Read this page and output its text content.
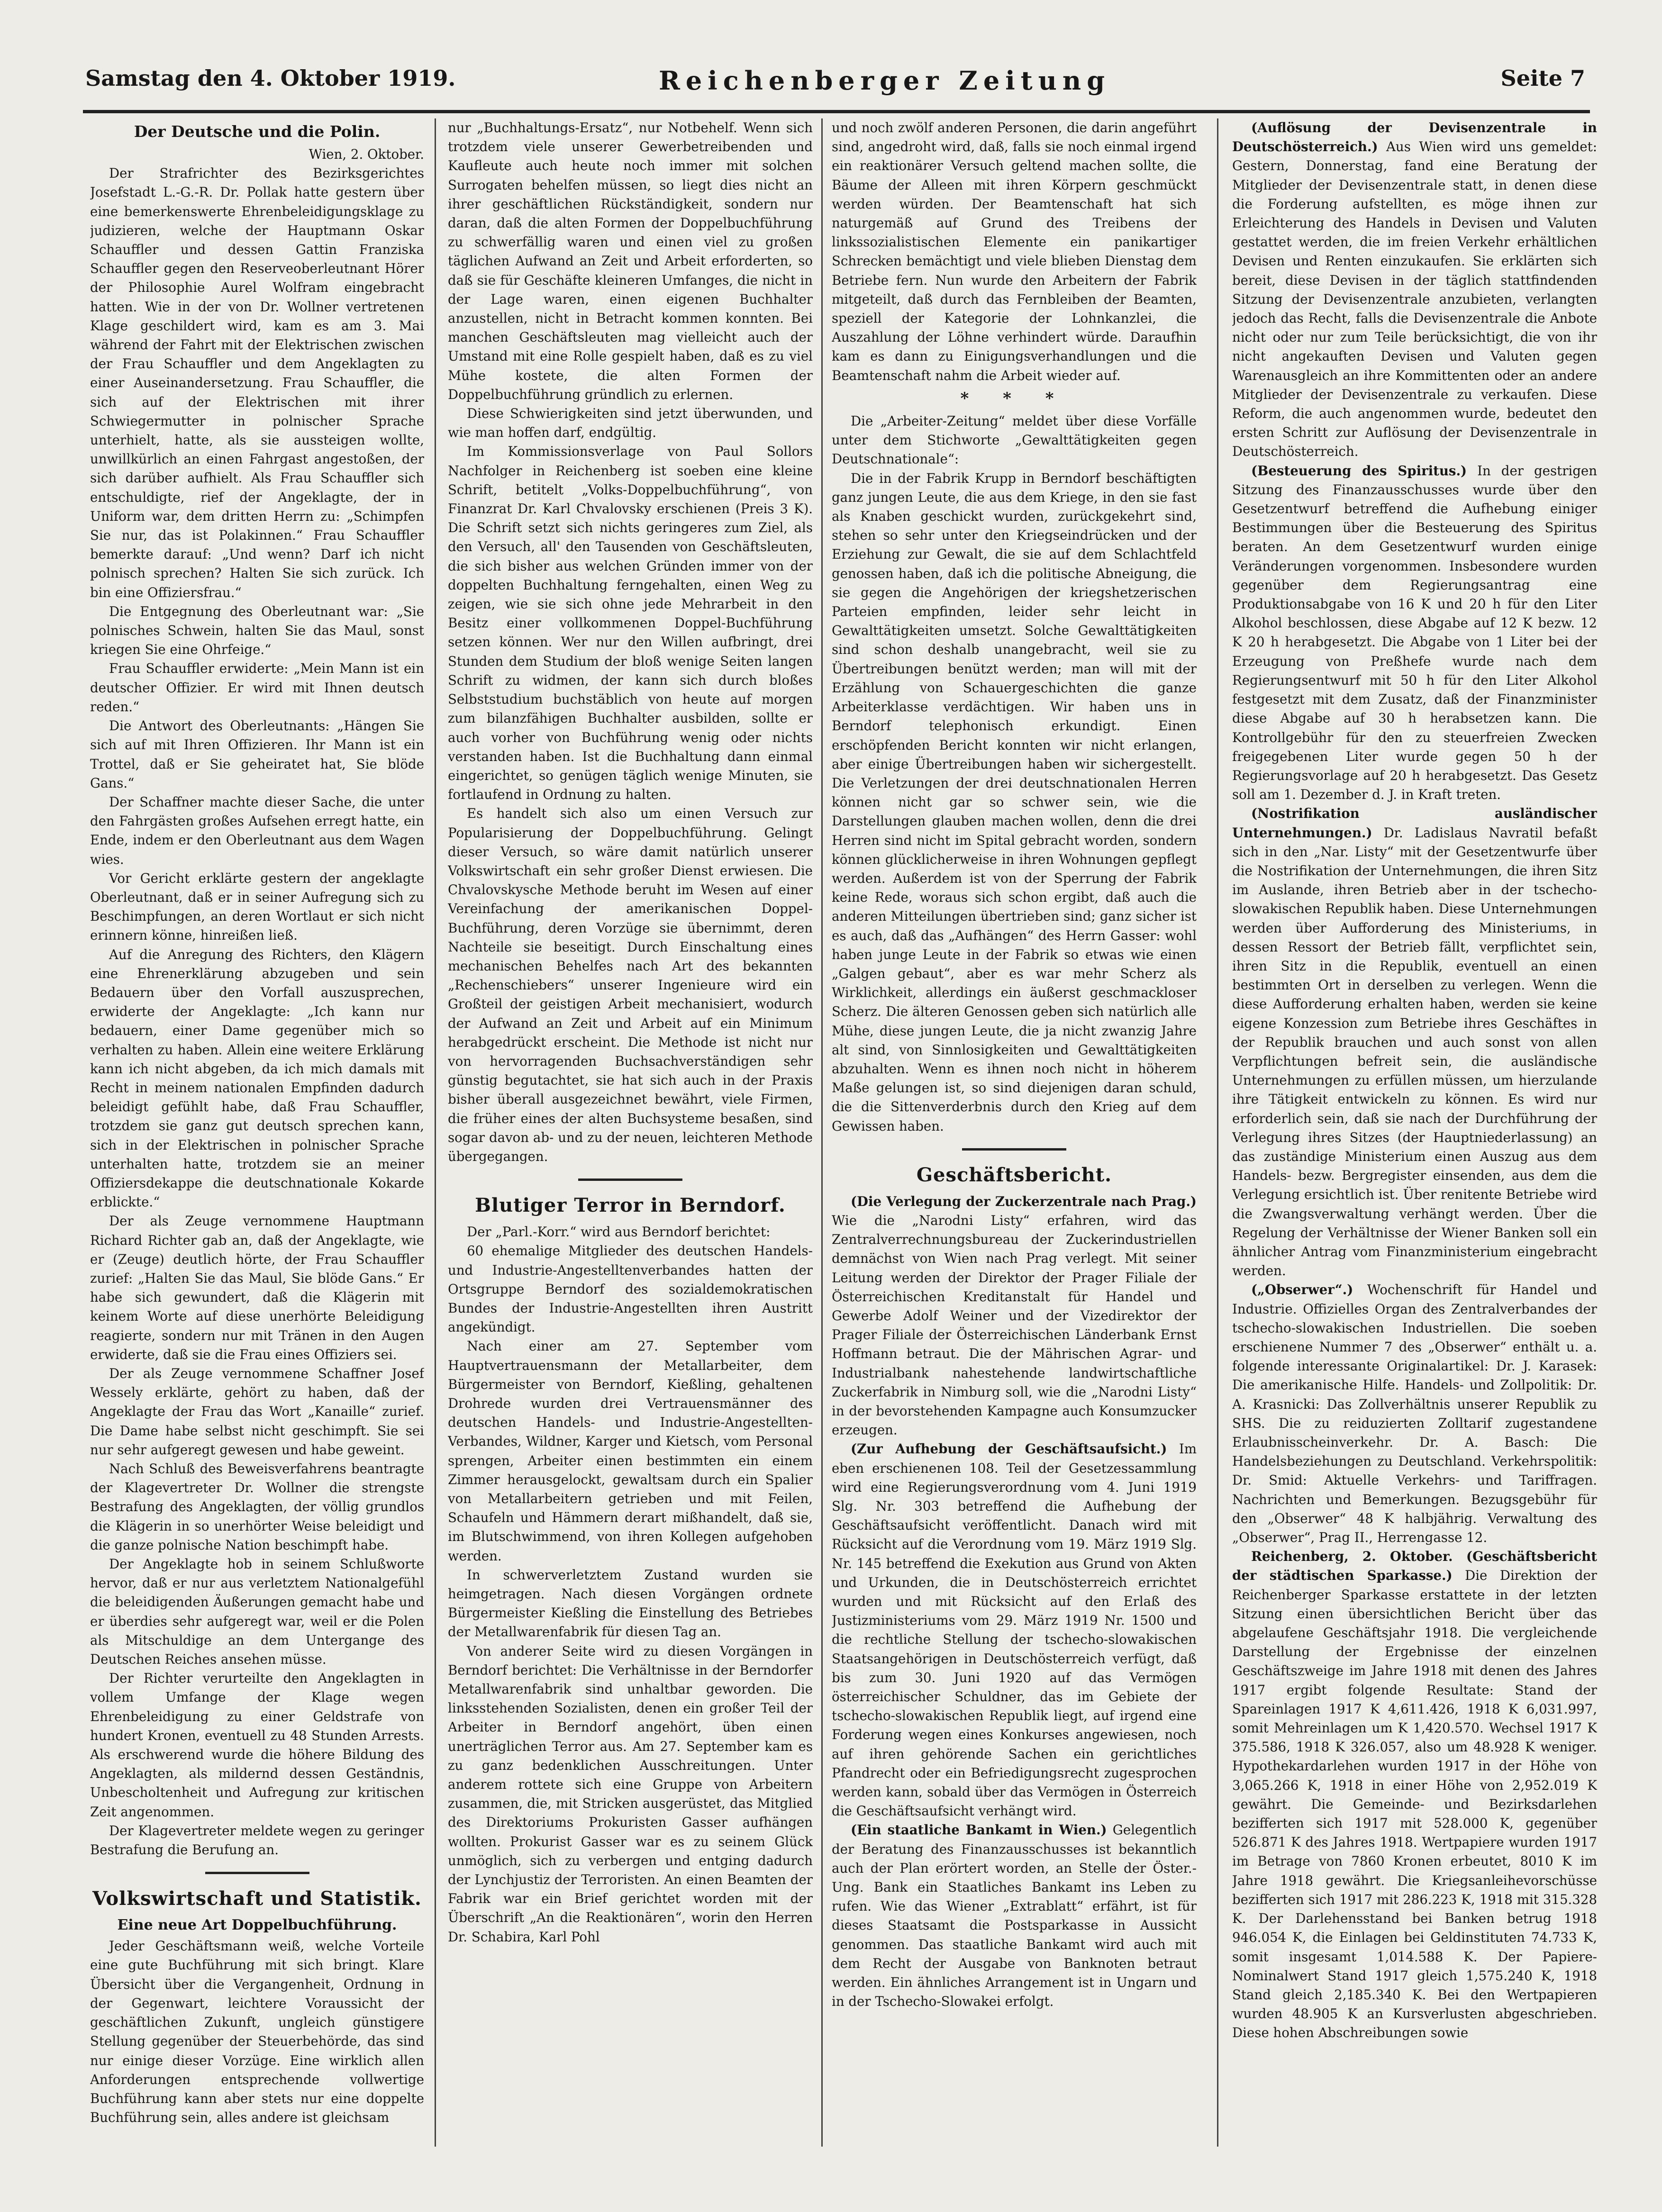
Samstag den 4. Oktober 1919.	Reichenberger Zeitung	Seite 7
Der Deutsche und die Polin.

Wien, 2. Oktober.

Der Strafrichter des Bezirksgerichtes Josefstadt L.-G.-R. Dr. Pollak hatte gestern über eine bemerkenswerte Ehrenbeleidigungsklage zu judizieren, welche der Hauptmann Oskar Schauffler und dessen Gattin Franziska Schauffler gegen den Reserveoberleutnant Hörer der Philosophie Aurel Wolfram eingebracht hatten. Wie in der von Dr. Wollner vertretenen Klage geschildert wird, kam es am 3. Mai während der Fahrt mit der Elektrischen zwischen der Frau Schauffler und dem Angeklagten zu einer Auseinandersetzung. Frau Schauffler, die sich auf der Elektrischen mit ihrer Schwiegermutter in polnischer Sprache unterhielt, hatte, als sie aussteigen wollte, unwillkürlich an einen Fahrgast angestoßen, der sich darüber aufhielt. Als Frau Schauffler sich entschuldigte, rief der Angeklagte, der in Uniform war, dem dritten Herrn zu: „Schimpfen Sie nur, das ist Polakinnen.“ Frau Schauffler bemerkte darauf: „Und wenn? Darf ich nicht polnisch sprechen? Halten Sie sich zurück. Ich bin eine Offiziersfrau.“

Die Entgegnung des Oberleutnant war: „Sie polnisches Schwein, halten Sie das Maul, sonst kriegen Sie eine Ohrfeige.“

Frau Schauffler erwiderte: „Mein Mann ist ein deutscher Offizier. Er wird mit Ihnen deutsch reden.“

Die Antwort des Oberleutnants: „Hängen Sie sich auf mit Ihren Offizieren. Ihr Mann ist ein Trottel, daß er Sie geheiratet hat, Sie blöde Gans.“

Der Schaffner machte dieser Sache, die unter den Fahrgästen großes Aufsehen erregt hatte, ein Ende, indem er den Oberleutnant aus dem Wagen wies.

Vor Gericht erklärte gestern der angeklagte Oberleutnant, daß er in seiner Aufregung sich zu Beschimpfungen, an deren Wortlaut er sich nicht erinnern könne, hinreißen ließ.

Auf die Anregung des Richters, den Klägern eine Ehrenerklärung abzugeben und sein Bedauern über den Vorfall auszusprechen, erwiderte der Angeklagte: „Ich kann nur bedauern, einer Dame gegenüber mich so verhalten zu haben. Allein eine weitere Erklärung kann ich nicht abgeben, da ich mich damals mit Recht in meinem nationalen Empfinden dadurch beleidigt gefühlt habe, daß Frau Schauffler, trotzdem sie ganz gut deutsch sprechen kann, sich in der Elektrischen in polnischer Sprache unterhalten hatte, trotzdem sie an meiner Offiziersdekappe die deutschnationale Kokarde erblickte.“

Der als Zeuge vernommene Hauptmann Richard Richter gab an, daß der Angeklagte, wie er (Zeuge) deutlich hörte, der Frau Schauffler zurief: „Halten Sie das Maul, Sie blöde Gans.“ Er habe sich gewundert, daß die Klägerin mit keinem Worte auf diese unerhörte Beleidigung reagierte, sondern nur mit Tränen in den Augen erwiderte, daß sie die Frau eines Offiziers sei.

Der als Zeuge vernommene Schaffner Josef Wessely erklärte, gehört zu haben, daß der Angeklagte der Frau das Wort „Kanaille“ zurief. Die Dame habe selbst nicht geschimpft. Sie sei nur sehr aufgeregt gewesen und habe geweint.

Nach Schluß des Beweisverfahrens beantragte der Klagevertreter Dr. Wollner die strengste Bestrafung des Angeklagten, der völlig grundlos die Klägerin in so unerhörter Weise beleidigt und die ganze polnische Nation beschimpft habe.

Der Angeklagte hob in seinem Schlußworte hervor, daß er nur aus verletztem Nationalgefühl die beleidigenden Äußerungen gemacht habe und er überdies sehr aufgeregt war, weil er die Polen als Mitschuldige an dem Untergange des Deutschen Reiches ansehen müsse.

Der Richter verurteilte den Angeklagten in vollem Umfange der Klage wegen Ehrenbeleidigung zu einer Geldstrafe von hundert Kronen, eventuell zu 48 Stunden Arrests. Als erschwerend wurde die höhere Bildung des Angeklagten, als mildernd dessen Geständnis, Unbescholtenheit und Aufregung zur kritischen Zeit angenommen.

Der Klagevertreter meldete wegen zu geringer Bestrafung die Berufung an.

Volkswirtschaft und Statistik.
Eine neue Art Doppelbuchführung.

Jeder Geschäftsmann weiß, welche Vorteile eine gute Buchführung mit sich bringt. Klare Übersicht über die Vergangenheit, Ordnung in der Gegenwart, leichtere Voraussicht der geschäftlichen Zukunft, ungleich günstigere Stellung gegenüber der Steuerbehörde, das sind nur einige dieser Vorzüge. Eine wirklich allen Anforderungen entsprechende vollwertige Buchführung kann aber stets nur eine doppelte Buchführung sein, alles andere ist gleichsam

nur „Buchhaltungs-Ersatz“, nur Notbehelf. Wenn sich trotzdem viele unserer Gewerbetreibenden und Kaufleute auch heute noch immer mit solchen Surrogaten behelfen müssen, so liegt dies nicht an ihrer geschäftlichen Rückständigkeit, sondern nur daran, daß die alten Formen der Doppelbuchführung zu schwerfällig waren und einen viel zu großen täglichen Aufwand an Zeit und Arbeit erforderten, so daß sie für Geschäfte kleineren Umfanges, die nicht in der Lage waren, einen eigenen Buchhalter anzustellen, nicht in Betracht kommen konnten. Bei manchen Geschäftsleuten mag vielleicht auch der Umstand mit eine Rolle gespielt haben, daß es zu viel Mühe kostete, die alten Formen der Doppelbuchführung gründlich zu erlernen.

Diese Schwierigkeiten sind jetzt überwunden, und wie man hoffen darf, endgültig.

Im Kommissionsverlage von Paul Sollors Nachfolger in Reichenberg ist soeben eine kleine Schrift, betitelt „Volks-Doppelbuchführung“, von Finanzrat Dr. Karl Chvalovsky erschienen (Preis 3 K). Die Schrift setzt sich nichts geringeres zum Ziel, als den Versuch, all' den Tausenden von Geschäftsleuten, die sich bisher aus welchen Gründen immer von der doppelten Buchhaltung ferngehalten, einen Weg zu zeigen, wie sie sich ohne jede Mehrarbeit in den Besitz einer vollkommenen Doppel-Buchführung setzen können. Wer nur den Willen aufbringt, drei Stunden dem Studium der bloß wenige Seiten langen Schrift zu widmen, der kann sich durch bloßes Selbststudium buchstäblich von heute auf morgen zum bilanzfähigen Buchhalter ausbilden, sollte er auch vorher von Buchführung wenig oder nichts verstanden haben. Ist die Buchhaltung dann einmal eingerichtet, so genügen täglich wenige Minuten, sie fortlaufend in Ordnung zu halten.

Es handelt sich also um einen Versuch zur Popularisierung der Doppelbuchführung. Gelingt dieser Versuch, so wäre damit natürlich unserer Volkswirtschaft ein sehr großer Dienst erwiesen. Die Chvalovskysche Methode beruht im Wesen auf einer Vereinfachung der amerikanischen Doppel-Buchführung, deren Vorzüge sie übernimmt, deren Nachteile sie beseitigt. Durch Einschaltung eines mechanischen Behelfes nach Art des bekannten „Rechenschiebers“ unserer Ingenieure wird ein Großteil der geistigen Arbeit mechanisiert, wodurch der Aufwand an Zeit und Arbeit auf ein Minimum herabgedrückt erscheint. Die Methode ist nicht nur von hervorragenden Buchsachverständigen sehr günstig begutachtet, sie hat sich auch in der Praxis bisher überall ausgezeichnet bewährt, viele Firmen, die früher eines der alten Buchsysteme besaßen, sind sogar davon ab- und zu der neuen, leichteren Methode übergegangen.

Blutiger Terror in Berndorf.

Der „Parl.-Korr.“ wird aus Berndorf berichtet:

60 ehemalige Mitglieder des deutschen Handels- und Industrie-Angestelltenverbandes hatten der Ortsgruppe Berndorf des sozialdemokratischen Bundes der Industrie-Angestellten ihren Austritt angekündigt.

Nach einer am 27. September vom Hauptvertrauensmann der Metallarbeiter, dem Bürgermeister von Berndorf, Kießling, gehaltenen Drohrede wurden drei Vertrauensmänner des deutschen Handels- und Industrie-Angestellten-Verbandes, Wildner, Karger und Kietsch, vom Personal sprengen, Arbeiter einen bestimmten ein einem Zimmer herausgelockt, gewaltsam durch ein Spalier von Metallarbeitern getrieben und mit Feilen, Schaufeln und Hämmern derart mißhandelt, daß sie, im Blutschwimmend, von ihren Kollegen aufgehoben werden.

In schwerverletztem Zustand wurden sie heimgetragen. Nach diesen Vorgängen ordnete Bürgermeister Kießling die Einstellung des Betriebes der Metallwarenfabrik für diesen Tag an.

Von anderer Seite wird zu diesen Vorgängen in Berndorf berichtet: Die Verhältnisse in der Berndorfer Metallwarenfabrik sind unhaltbar geworden. Die linksstehenden Sozialisten, denen ein großer Teil der Arbeiter in Berndorf angehört, üben einen unerträglichen Terror aus. Am 27. September kam es zu ganz bedenklichen Ausschreitungen. Unter anderem rottete sich eine Gruppe von Arbeitern zusammen, die, mit Stricken ausgerüstet, das Mitglied des Direktoriums Prokuristen Gasser aufhängen wollten. Prokurist Gasser war es zu seinem Glück unmöglich, sich zu verbergen und entging dadurch der Lynchjustiz der Terroristen. An einen Beamten der Fabrik war ein Brief gerichtet worden mit der Überschrift „An die Reaktionären“, worin den Herren Dr. Schabira, Karl Pohl

und noch zwölf anderen Personen, die darin angeführt sind, angedroht wird, daß, falls sie noch einmal irgend ein reaktionärer Versuch geltend machen sollte, die Bäume der Alleen mit ihren Körpern geschmückt werden würden. Der Beamtenschaft hat sich naturgemäß auf Grund des Treibens der linkssozialistischen Elemente ein panikartiger Schrecken bemächtigt und viele blieben Dienstag dem Betriebe fern. Nun wurde den Arbeitern der Fabrik mitgeteilt, daß durch das Fernbleiben der Beamten, speziell der Kategorie der Lohnkanzlei, die Auszahlung der Löhne verhindert würde. Daraufhin kam es dann zu Einigungsverhandlungen und die Beamtenschaft nahm die Arbeit wieder auf.

* * *

Die „Arbeiter-Zeitung“ meldet über diese Vorfälle unter dem Stichworte „Gewalttätigkeiten gegen Deutschnationale“:

Die in der Fabrik Krupp in Berndorf beschäftigten ganz jungen Leute, die aus dem Kriege, in den sie fast als Knaben geschickt wurden, zurückgekehrt sind, stehen so sehr unter den Kriegseindrücken und der Erziehung zur Gewalt, die sie auf dem Schlachtfeld genossen haben, daß ich die politische Abneigung, die sie gegen die Angehörigen der kriegshetzerischen Parteien empfinden, leider sehr leicht in Gewalttätigkeiten umsetzt. Solche Gewalttätigkeiten sind schon deshalb unangebracht, weil sie zu Übertreibungen benützt werden; man will mit der Erzählung von Schauergeschichten die ganze Arbeiterklasse verdächtigen. Wir haben uns in Berndorf telephonisch erkundigt. Einen erschöpfenden Bericht konnten wir nicht erlangen, aber einige Übertreibungen haben wir sichergestellt. Die Verletzungen der drei deutschnationalen Herren können nicht gar so schwer sein, wie die Darstellungen glauben machen wollen, denn die drei Herren sind nicht im Spital gebracht worden, sondern können glücklicherweise in ihren Wohnungen gepflegt werden. Außerdem ist von der Sperrung der Fabrik keine Rede, woraus sich schon ergibt, daß auch die anderen Mitteilungen übertrieben sind; ganz sicher ist es auch, daß das „Aufhängen“ des Herrn Gasser: wohl haben junge Leute in der Fabrik so etwas wie einen „Galgen gebaut“, aber es war mehr Scherz als Wirklichkeit, allerdings ein äußerst geschmackloser Scherz. Die älteren Genossen geben sich natürlich alle Mühe, diese jungen Leute, die ja nicht zwanzig Jahre alt sind, von Sinnlosigkeiten und Gewalttätigkeiten abzuhalten. Wenn es ihnen noch nicht in höherem Maße gelungen ist, so sind diejenigen daran schuld, die die Sittenverderbnis durch den Krieg auf dem Gewissen haben.

Geschäftsbericht.

(Die Verlegung der Zuckerzentrale nach Prag.) Wie die „Narodni Listy“ erfahren, wird das Zentralverrechnungsbureau der Zuckerindustriellen demnächst von Wien nach Prag verlegt. Mit seiner Leitung werden der Direktor der Prager Filiale der Österreichischen Kreditanstalt für Handel und Gewerbe Adolf Weiner und der Vizedirektor der Prager Filiale der Österreichischen Länderbank Ernst Hoffmann betraut. Die der Mährischen Agrar- und Industrialbank nahestehende landwirtschaftliche Zuckerfabrik in Nimburg soll, wie die „Narodni Listy“ in der bevorstehenden Kampagne auch Konsumzucker erzeugen.

(Zur Aufhebung der Geschäftsaufsicht.) Im eben erschienenen 108. Teil der Gesetzessammlung wird eine Regierungsverordnung vom 4. Juni 1919 Slg. Nr. 303 betreffend die Aufhebung der Geschäftsaufsicht veröffentlicht. Danach wird mit Rücksicht auf die Verordnung vom 19. März 1919 Slg. Nr. 145 betreffend die Exekution aus Grund von Akten und Urkunden, die in Deutschösterreich errichtet wurden und mit Rücksicht auf den Erlaß des Justizministeriums vom 29. März 1919 Nr. 1500 und die rechtliche Stellung der tschecho-slowakischen Staatsangehörigen in Deutschösterreich verfügt, daß bis zum 30. Juni 1920 auf das Vermögen österreichischer Schuldner, das im Gebiete der tschecho-slowakischen Republik liegt, auf irgend eine Forderung wegen eines Konkurses angewiesen, noch auf ihren gehörende Sachen ein gerichtliches Pfandrecht oder ein Befriedigungsrecht zugesprochen werden kann, sobald über das Vermögen in Österreich die Geschäftsaufsicht verhängt wird.

(Ein staatliche Bankamt in Wien.) Gelegentlich der Beratung des Finanzausschusses ist bekanntlich auch der Plan erörtert worden, an Stelle der Öster.-Ung. Bank ein Staatliches Bankamt ins Leben zu rufen. Wie das Wiener „Extrablatt“ erfährt, ist für dieses Staatsamt die Postsparkasse in Aussicht genommen. Das staatliche Bankamt wird auch mit dem Recht der Ausgabe von Banknoten betraut werden. Ein ähnliches Arrangement ist in Ungarn und in der Tschecho-Slowakei erfolgt.

(Auflösung der Devisenzentrale in Deutschösterreich.) Aus Wien wird uns gemeldet: Gestern, Donnerstag, fand eine Beratung der Mitglieder der Devisenzentrale statt, in denen diese die Forderung aufstellten, es möge ihnen zur Erleichterung des Handels in Devisen und Valuten gestattet werden, die im freien Verkehr erhältlichen Devisen und Renten einzukaufen. Sie erklärten sich bereit, diese Devisen in der täglich stattfindenden Sitzung der Devisenzentrale anzubieten, verlangten jedoch das Recht, falls die Devisenzentrale die Anbote nicht oder nur zum Teile berücksichtigt, die von ihr nicht angekauften Devisen und Valuten gegen Warenausgleich an ihre Kommittenten oder an andere Mitglieder der Devisenzentrale zu verkaufen. Diese Reform, die auch angenommen wurde, bedeutet den ersten Schritt zur Auflösung der Devisenzentrale in Deutschösterreich.

(Besteuerung des Spiritus.) In der gestrigen Sitzung des Finanzausschusses wurde über den Gesetzentwurf betreffend die Aufhebung einiger Bestimmungen über die Besteuerung des Spiritus beraten. An dem Gesetzentwurf wurden einige Veränderungen vorgenommen. Insbesondere wurden gegenüber dem Regierungsantrag eine Produktionsabgabe von 16 K und 20 h für den Liter Alkohol beschlossen, diese Abgabe auf 12 K bezw. 12 K 20 h herabgesetzt. Die Abgabe von 1 Liter bei der Erzeugung von Preßhefe wurde nach dem Regierungsentwurf mit 50 h für den Liter Alkohol festgesetzt mit dem Zusatz, daß der Finanzminister diese Abgabe auf 30 h herabsetzen kann. Die Kontrollgebühr für den zu steuerfreien Zwecken freigegebenen Liter wurde gegen 50 h der Regierungsvorlage auf 20 h herabgesetzt. Das Gesetz soll am 1. Dezember d. J. in Kraft treten.

(Nostrifikation ausländischer Unternehmungen.) Dr. Ladislaus Navratil befaßt sich in den „Nar. Listy“ mit der Gesetzentwurfe über die Nostrifikation der Unternehmungen, die ihren Sitz im Auslande, ihren Betrieb aber in der tschecho-slowakischen Republik haben. Diese Unternehmungen werden über Aufforderung des Ministeriums, in dessen Ressort der Betrieb fällt, verpflichtet sein, ihren Sitz in die Republik, eventuell an einen bestimmten Ort in derselben zu verlegen. Wenn die diese Aufforderung erhalten haben, werden sie keine eigene Konzession zum Betriebe ihres Geschäftes in der Republik brauchen und auch sonst von allen Verpflichtungen befreit sein, die ausländische Unternehmungen zu erfüllen müssen, um hierzulande ihre Tätigkeit entwickeln zu können. Es wird nur erforderlich sein, daß sie nach der Durchführung der Verlegung ihres Sitzes (der Hauptniederlassung) an das zuständige Ministerium einen Auszug aus dem Handels- bezw. Bergregister einsenden, aus dem die Verlegung ersichtlich ist. Über renitente Betriebe wird die Zwangsverwaltung verhängt werden. Über die Regelung der Verhältnisse der Wiener Banken soll ein ähnlicher Antrag vom Finanzministerium eingebracht werden.

(„Obserwer“.) Wochenschrift für Handel und Industrie. Offizielles Organ des Zentralverbandes der tschecho-slowakischen Industriellen. Die soeben erschienene Nummer 7 des „Obserwer“ enthält u. a. folgende interessante Originalartikel: Dr. J. Karasek: Die amerikanische Hilfe. Handels- und Zollpolitik: Dr. A. Krasnicki: Das Zollverhältnis unserer Republik zu SHS. Die zu reiduzierten Zolltarif zugestandene Erlaubnisscheinverkehr. Dr. A. Basch: Die Handelsbeziehungen zu Deutschland. Verkehrspolitik: Dr. Smid: Aktuelle Verkehrs- und Tariffragen. Nachrichten und Bemerkungen. Bezugsgebühr für den „Obserwer“ 48 K halbjährig. Verwaltung des „Obserwer“, Prag II., Herrengasse 12.

Reichenberg, 2. Oktober. (Geschäftsbericht der städtischen Sparkasse.) Die Direktion der Reichenberger Sparkasse erstattete in der letzten Sitzung einen übersichtlichen Bericht über das abgelaufene Geschäftsjahr 1918. Die vergleichende Darstellung der Ergebnisse der einzelnen Geschäftszweige im Jahre 1918 mit denen des Jahres 1917 ergibt folgende Resultate: Stand der Spareinlagen 1917 K 4,611.426, 1918 K 6,031.997, somit Mehreinlagen um K 1,420.570. Wechsel 1917 K 375.586, 1918 K 326.057, also um 48.928 K weniger. Hypothekardarlehen wurden 1917 in der Höhe von 3,065.266 K, 1918 in einer Höhe von 2,952.019 K gewährt. Die Gemeinde- und Bezirksdarlehen bezifferten sich 1917 mit 528.000 K, gegenüber 526.871 K des Jahres 1918. Wertpapiere wurden 1917 im Betrage von 7860 Kronen erbeutet, 8010 K im Jahre 1918 gewährt. Die Kriegsanleihevorschüsse bezifferten sich 1917 mit 286.223 K, 1918 mit 315.328 K. Der Darlehensstand bei Banken betrug 1918 946.054 K, die Einlagen bei Geldinstituten 74.733 K, somit insgesamt 1,014.588 K. Der Papiere-Nominalwert Stand 1917 gleich 1,575.240 K, 1918 Stand gleich 2,185.340 K. Bei den Wertpapieren wurden 48.905 K an Kursverlusten abgeschrieben. Diese hohen Abschreibungen sowie
